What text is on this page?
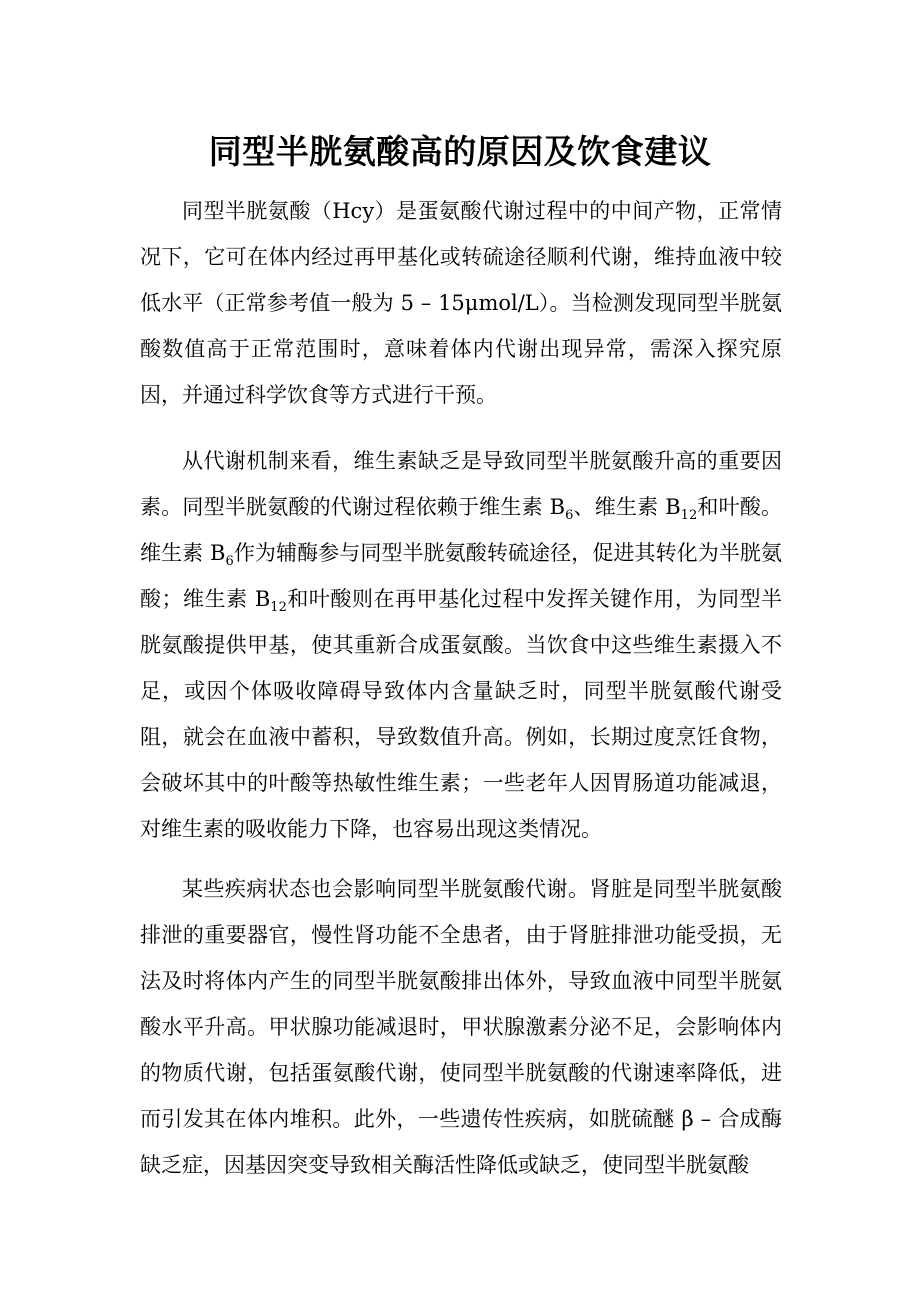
同型半胱氨酸高的原因及饮食建议

同型半胱氨酸（Hcy）是蛋氨酸代谢过程中的中间产物，正常情况下，它可在体内经过再甲基化或转硫途径顺利代谢，维持血液中较低水平（正常参考值一般为 5 – 15μmol/L）。当检测发现同型半胱氨酸数值高于正常范围时，意味着体内代谢出现异常，需深入探究原因，并通过科学饮食等方式进行干预。

从代谢机制来看，维生素缺乏是导致同型半胱氨酸升高的重要因素。同型半胱氨酸的代谢过程依赖于维生素 $B_6$、维生素 $B_{12}$和叶酸。维生素 $B_6$作为辅酶参与同型半胱氨酸转硫途径，促进其转化为半胱氨酸；维生素 $B_{12}$和叶酸则在再甲基化过程中发挥关键作用，为同型半胱氨酸提供甲基，使其重新合成蛋氨酸。当饮食中这些维生素摄入不足，或因个体吸收障碍导致体内含量缺乏时，同型半胱氨酸代谢受阻，就会在血液中蓄积，导致数值升高。例如，长期过度烹饪食物，会破坏其中的叶酸等热敏性维生素；一些老年人因胃肠道功能减退，对维生素的吸收能力下降，也容易出现这类情况。

某些疾病状态也会影响同型半胱氨酸代谢。肾脏是同型半胱氨酸排泄的重要器官，慢性肾功能不全患者，由于肾脏排泄功能受损，无法及时将体内产生的同型半胱氨酸排出体外，导致血液中同型半胱氨酸水平升高。甲状腺功能减退时，甲状腺激素分泌不足，会影响体内的物质代谢，包括蛋氨酸代谢，使同型半胱氨酸的代谢速率降低，进而引发其在体内堆积。此外，一些遗传性疾病，如胱硫醚 β – 合成酶缺乏症，因基因突变导致相关酶活性降低或缺乏，使同型半胱氨酸
